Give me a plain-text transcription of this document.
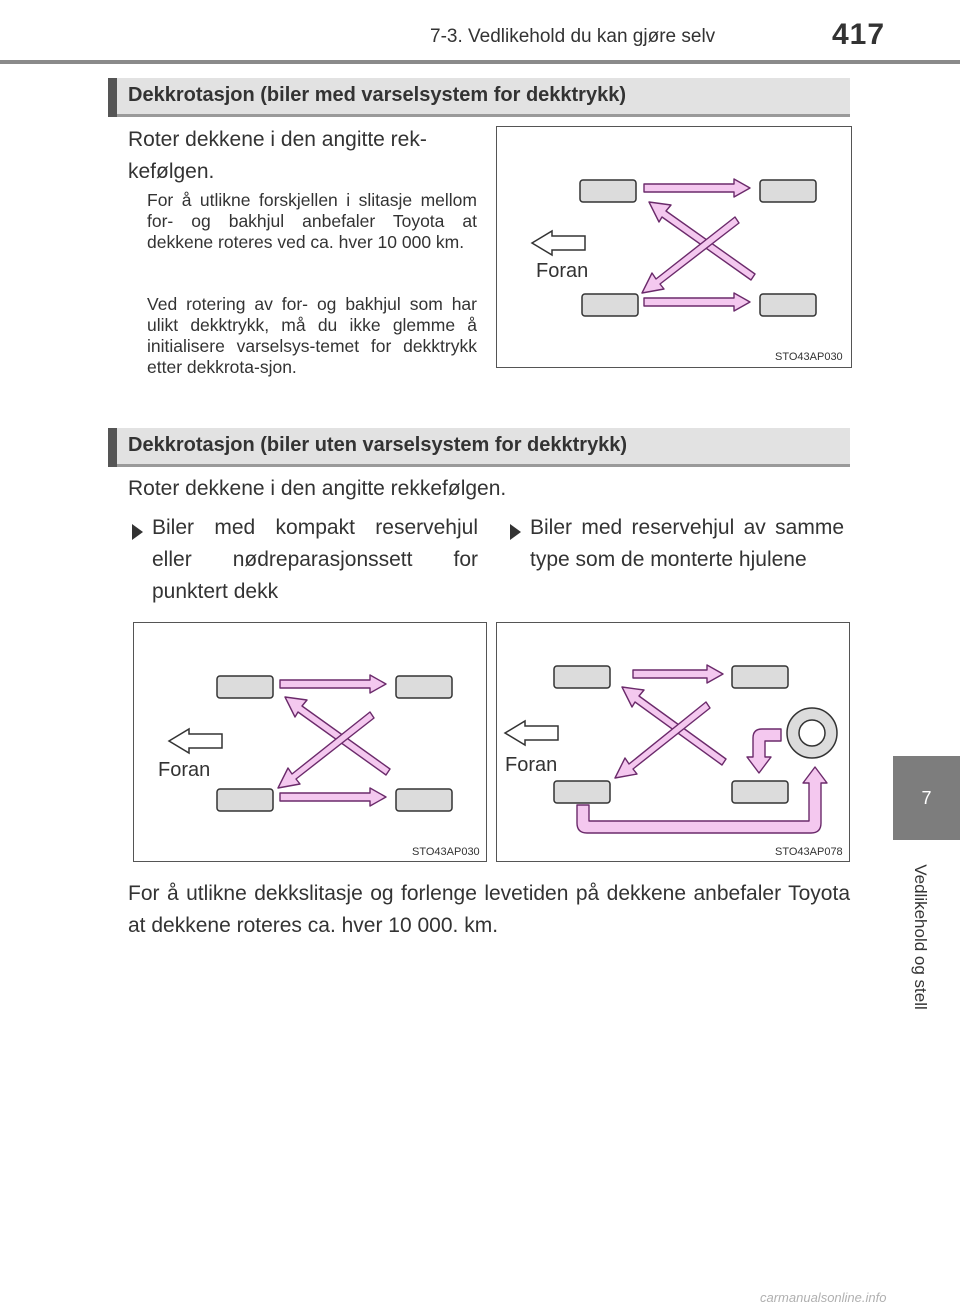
7-3. Vedlikehold du kan gjøre selv	417
7
Vedlikehold og stell
Dekkrotasjon (biler med varselsystem for dekktrykk)
Roter dekkene i den angitte rek-
kefølgen.
For å utlikne forskjellen i slitasje mellom for- og bakhjul anbefaler Toyota at dekkene roteres ved ca. hver 10 000 km.
Ved rotering av for- og bakhjul som har ulikt dekktrykk, må du ikke glemme å initialisere varselsys-temet for dekktrykk etter dekkrota-sjon.
Foran
STO43AP030
Dekkrotasjon (biler uten varselsystem for dekktrykk)
Roter dekkene i den angitte rekkefølgen.
Biler med kompakt reservehjul eller nødreparasjonssett for punktert dekk
Biler med reservehjul av samme type som de monterte hjulene
Foran
STO43AP030
Foran
STO43AP078
For å utlikne dekkslitasje og forlenge levetiden på dekkene anbefaler Toyota at dekkene roteres ca. hver 10 000. km.
carmanualsonline.info
